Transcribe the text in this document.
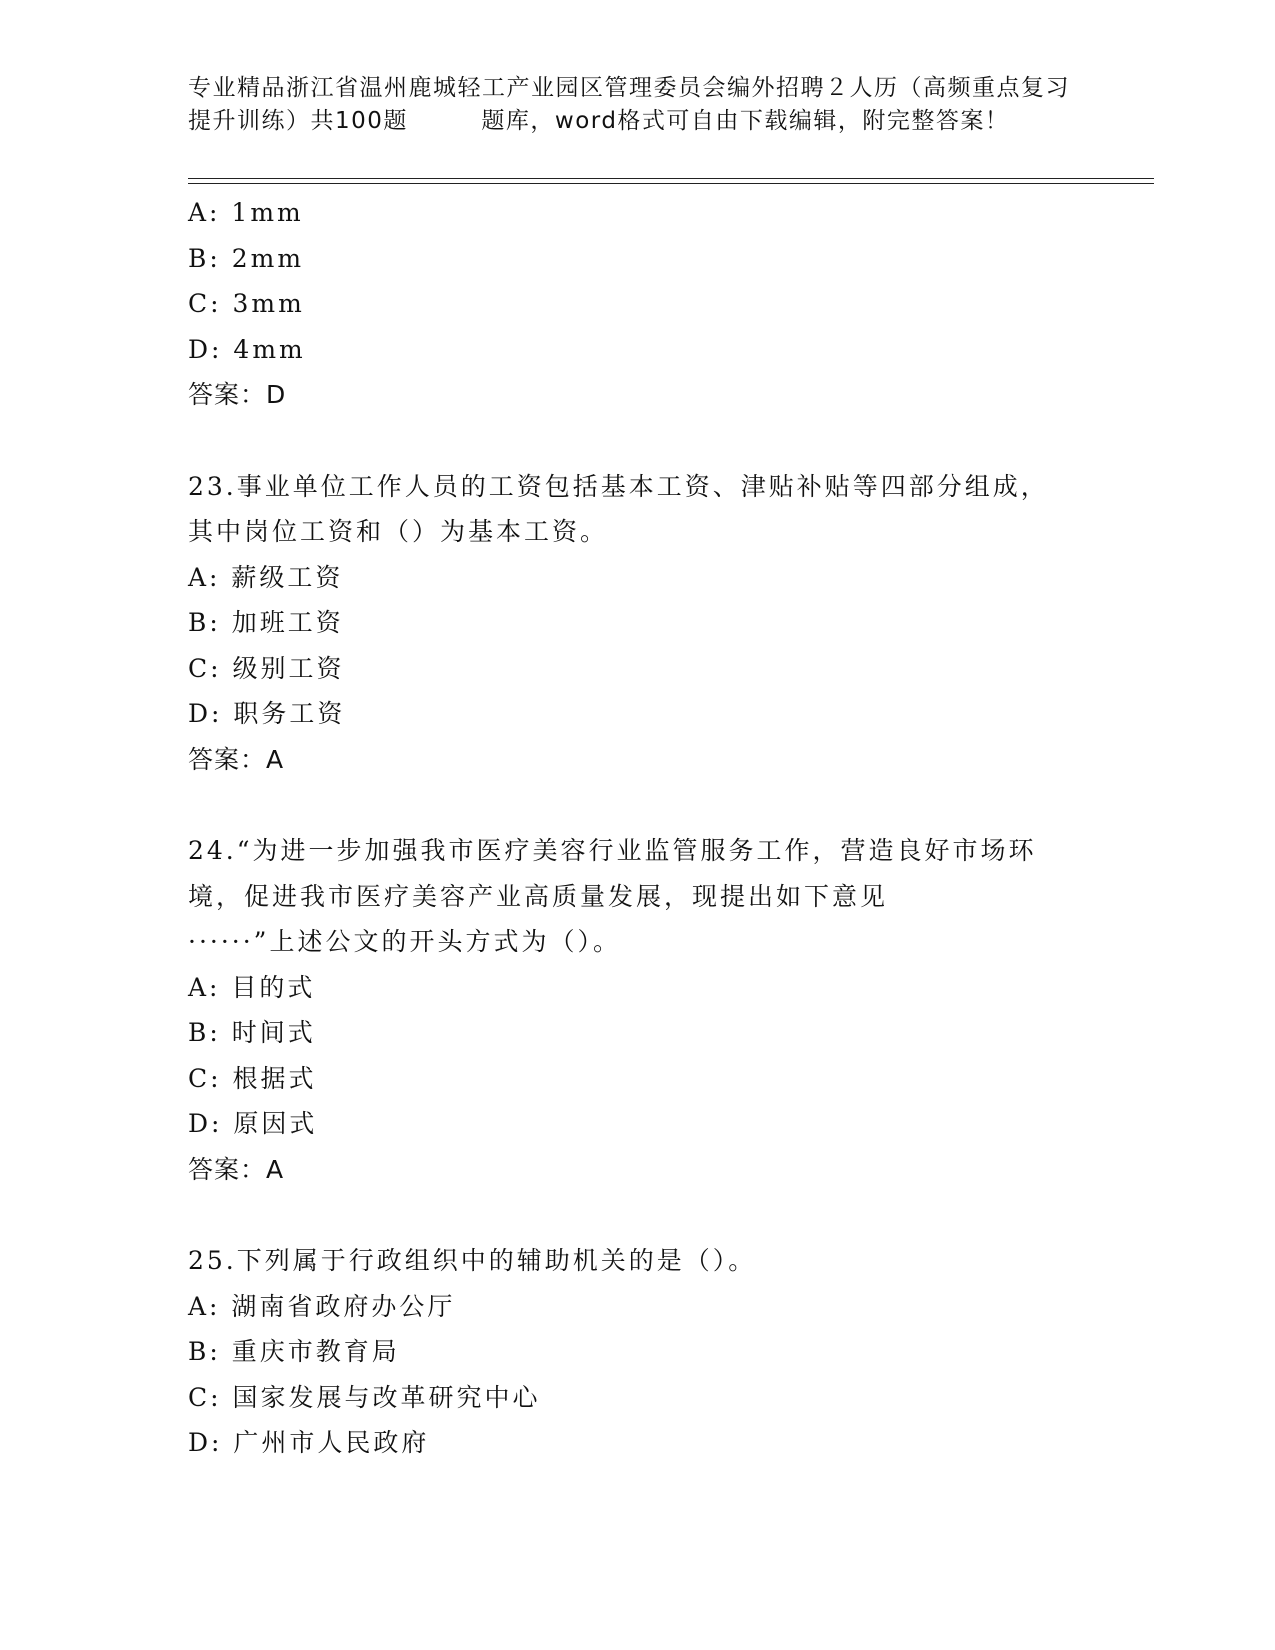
专业精品浙江省温州鹿城轻工产业园区管理委员会编外招聘２人历（高频重点复习
提升训练）共100题　　　题库，word格式可自由下载编辑，附完整答案！
A: 1mm
B: 2mm
C: 3mm
D: 4mm
答案：D
23.事业单位工作人员的工资包括基本工资、津贴补贴等四部分组成，
其中岗位工资和（）为基本工资。
A: 薪级工资
B: 加班工资
C: 级别工资
D: 职务工资
答案：A
24.“为进一步加强我市医疗美容行业监管服务工作，营造良好市场环
境，促进我市医疗美容产业高质量发展，现提出如下意见
······”上述公文的开头方式为（）。
A: 目的式
B: 时间式
C: 根据式
D: 原因式
答案：A
25.下列属于行政组织中的辅助机关的是（）。
A: 湖南省政府办公厅
B: 重庆市教育局
C: 国家发展与改革研究中心
D: 广州市人民政府
